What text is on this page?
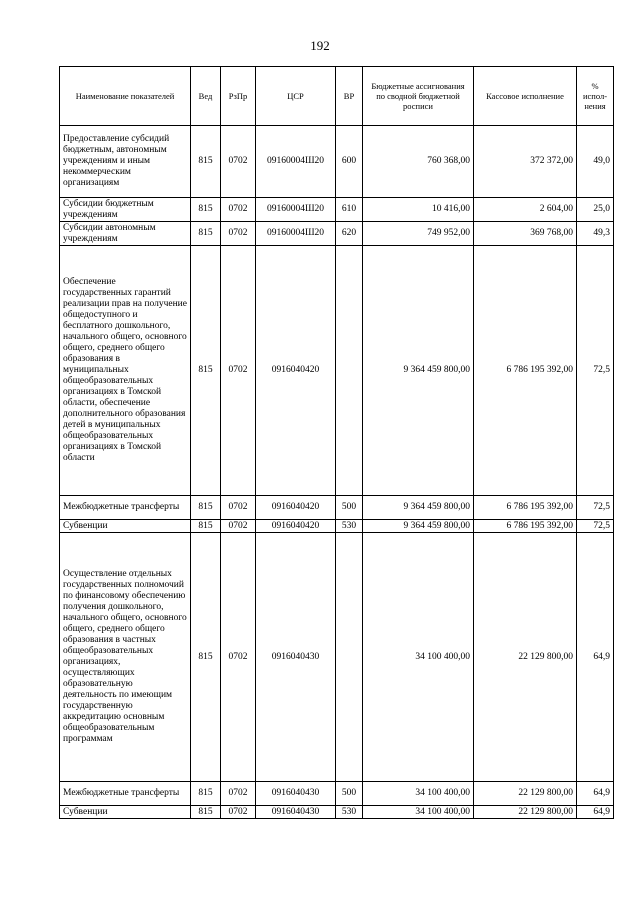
192
Наименование показателей	Вед	РзПр	ЦСР	ВР	Бюджетные ассигнования по сводной бюджетной росписи	Кассовое исполнение	% испол-нения
Предоставление субсидий бюджетным, автономным учреждениям и иным некоммерческим организациям	815	0702	09160004Ш20	600	760 368,00	372 372,00	49,0
Субсидии бюджетным учреждениям	815	0702	09160004Ш20	610	10 416,00	2 604,00	25,0
Субсидии автономным учреждениям	815	0702	09160004Ш20	620	749 952,00	369 768,00	49,3
Обеспечение государственных гарантий реализации прав на получение общедоступного и бесплатного дошкольного, начального общего, основного общего, среднего общего образования в муниципальных общеобразовательных организациях в Томской области, обеспечение дополнительного образования детей в муниципальных общеобразовательных организациях в Томской области	815	0702	0916040420		9 364 459 800,00	6 786 195 392,00	72,5
Межбюджетные трансферты	815	0702	0916040420	500	9 364 459 800,00	6 786 195 392,00	72,5
Субвенции	815	0702	0916040420	530	9 364 459 800,00	6 786 195 392,00	72,5
Осуществление отдельных государственных полномочий по финансовому обеспечению получения дошкольного, начального общего, основного общего, среднего общего образования в частных общеобразовательных организациях, осуществляющих образовательную деятельность по имеющим государственную аккредитацию основным общеобразовательным программам	815	0702	0916040430		34 100 400,00	22 129 800,00	64,9
Межбюджетные трансферты	815	0702	0916040430	500	34 100 400,00	22 129 800,00	64,9
Субвенции	815	0702	0916040430	530	34 100 400,00	22 129 800,00	64,9
